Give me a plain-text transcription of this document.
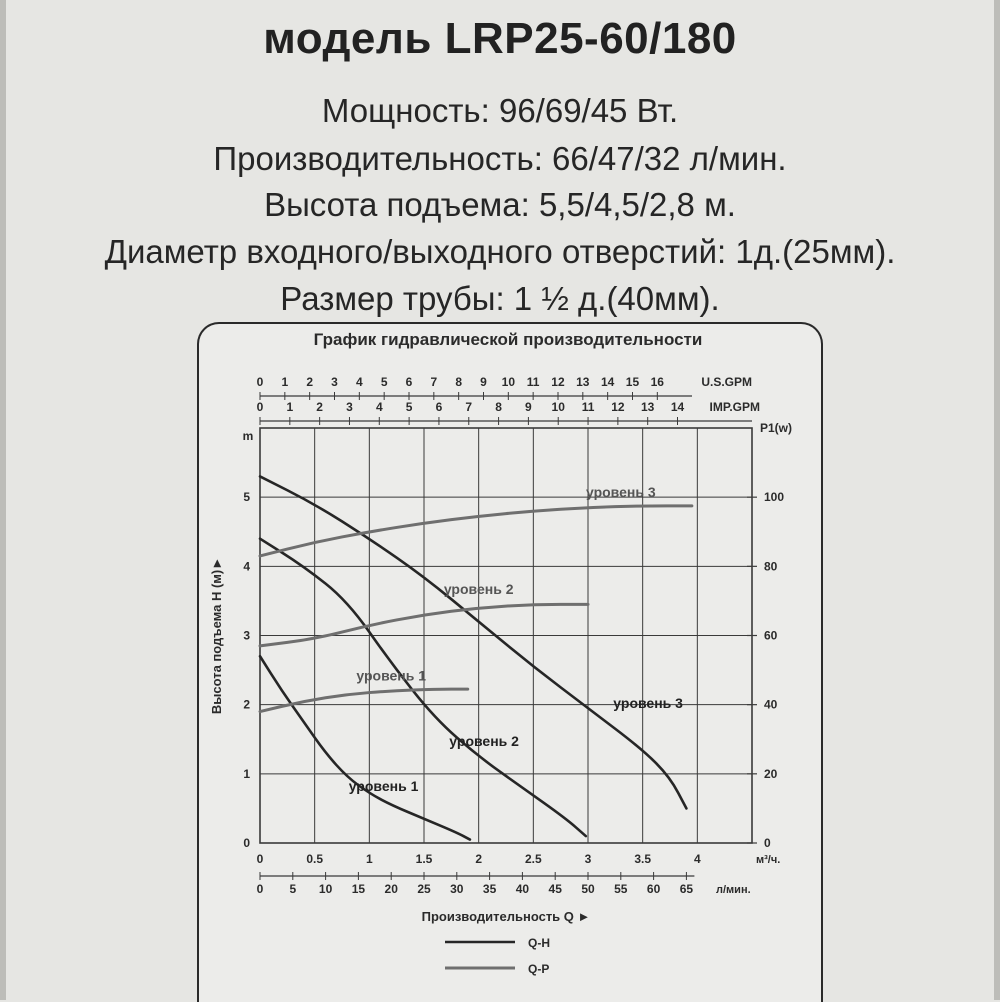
модель LRP25-60/180
Мощность: 96/69/45 Вт.
Производительность: 66/47/32 л/мин.
Высота подъема: 5,5/4,5/2,8 м.
Диаметр входного/выходного отверстий: 1д.(25мм).
Размер трубы: 1 ½ д.(40мм).
График гидравлической производительности
0 1 2 3 4 5 6 7 8 9 10 11 12 13 14 15 16	U.S.GPM
0 1 2 3 4 5 6 7 8 9 10 11 12 13 14 IMP.GPM
m
0
1
2
3
4
5
Высота подъема H (м)►
P1(w)
0
20
40
60
80
100
0	0.5	1	1.5	2	2.5	3	3.5	4	м³/ч.
0 5 10 15 20 25 30 35 40 45 50 55 60 65 л/мин.
Производительность Q ►
уровень 3
уровень 2
уровень 1
уровень 3
уровень 2
уровень 1
Q-H
Q-P
